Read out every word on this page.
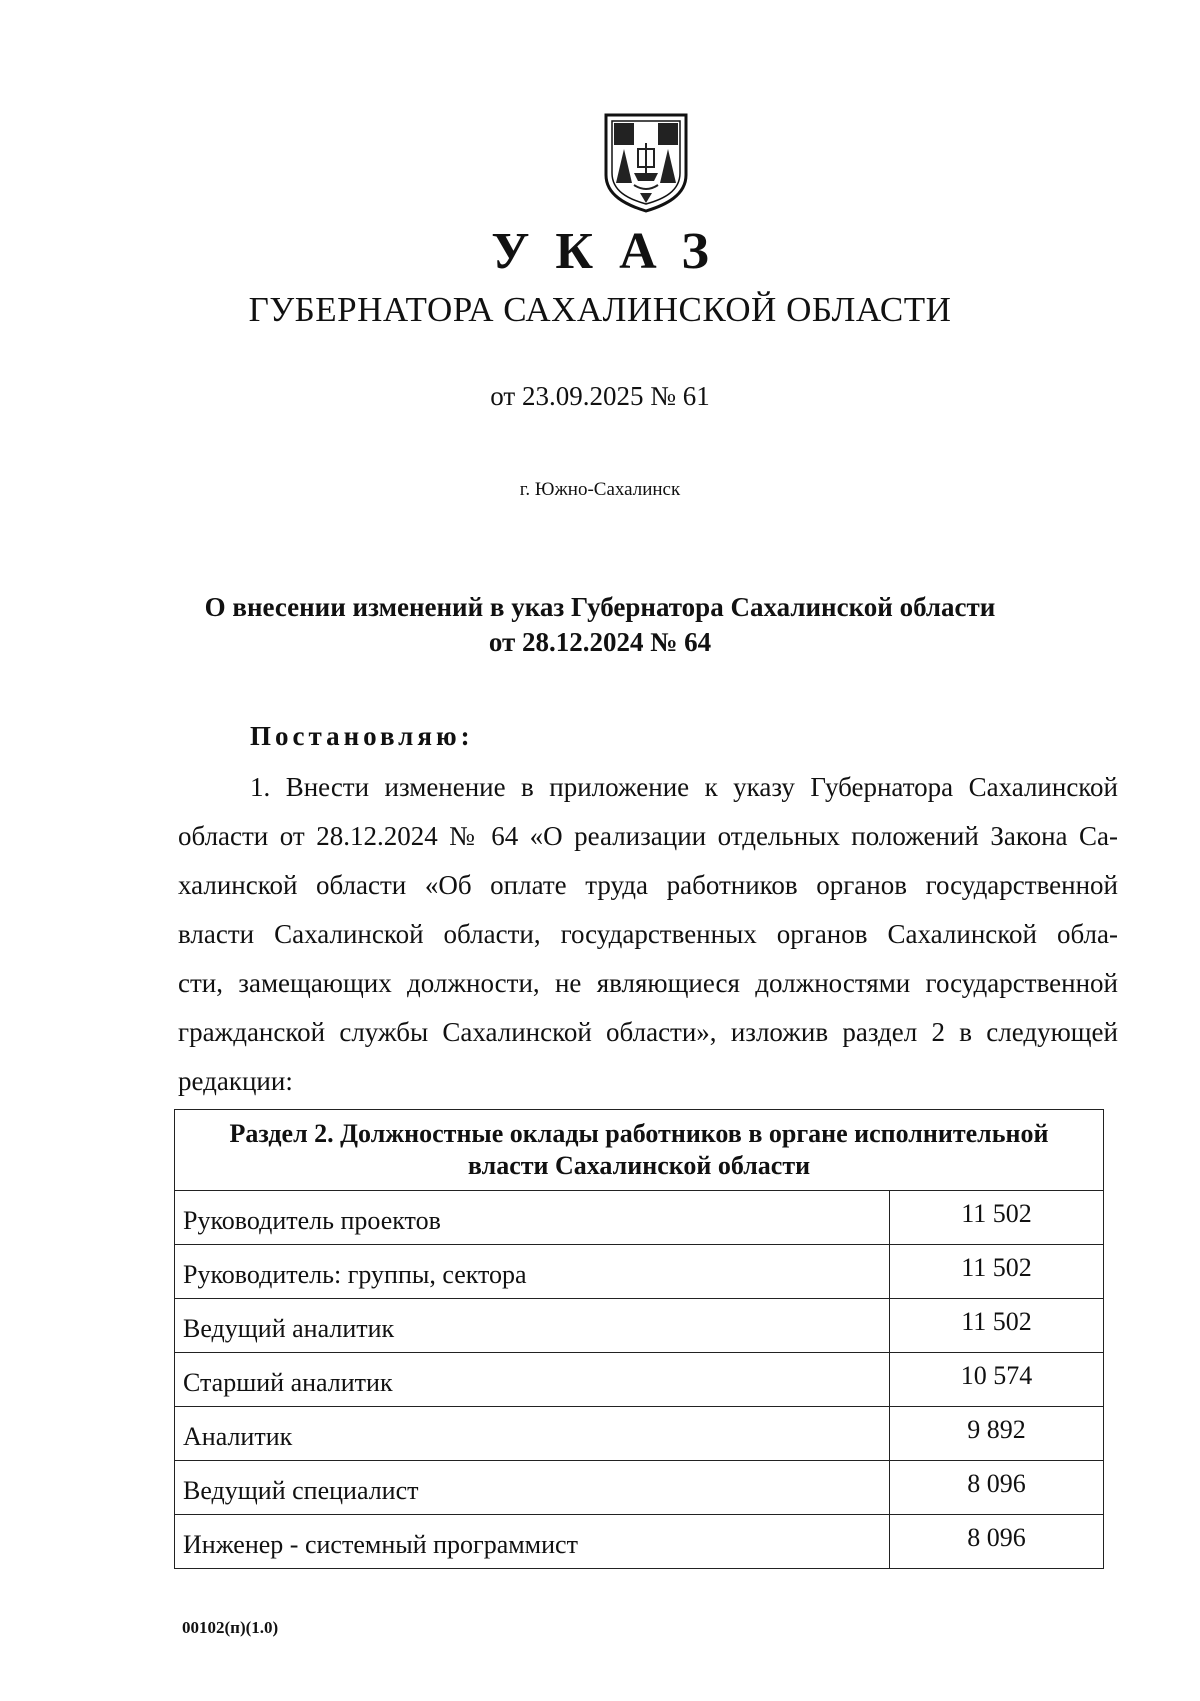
УКАЗ
ГУБЕРНАТОРА САХАЛИНСКОЙ ОБЛАСТИ
от 23.09.2025 № 61
г. Южно-Сахалинск
О внесении изменений в указ Губернатора Сахалинской области
от 28.12.2024 № 64
Постановляю:
1. Внести изменение в приложение к указу Губернатора Сахалинской
области от 28.12.2024 № 64 «О реализации отдельных положений Закона Са-
халинской области «Об оплате труда работников органов государственной
власти Сахалинской области, государственных органов Сахалинской обла-
сти, замещающих должности, не являющиеся должностями государственной
гражданской службы Сахалинской области», изложив раздел 2 в следующей
редакции:
Раздел 2. Должностные оклады работников в органе исполнительной
власти Сахалинской области	

Руководитель проектов	11 502
Руководитель: группы, сектора	11 502
Ведущий аналитик	11 502
Старший аналитик	10 574
Аналитик	9 892
Ведущий специалист	8 096
Инженер - системный программист	8 096
00102(п)(1.0)
